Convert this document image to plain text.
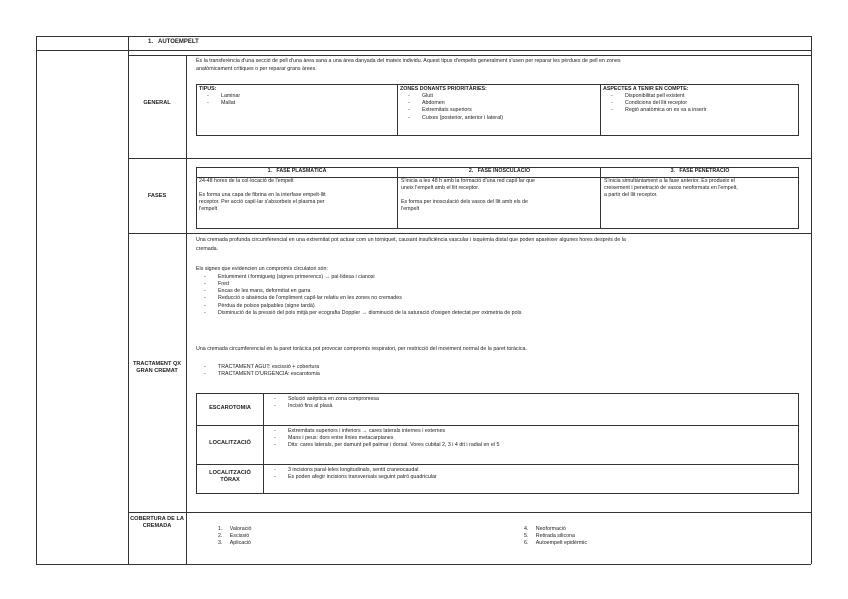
1.   AUTOEMPELT
GENERAL
És la transferència d'una secció de pell d'una àrea sana a una àrea danyada del mateix individu. Aquest tipus d'empelts generalment s'usen per reparar les pèrdues de pell en zones
anatòmicament crítiques o per reparar grans àrees.
TIPUS:
- Laminar
- Mallat
ZONES DONANTS PRIORITÀRIES:
- Gluti
- Abdomen
- Extremitats superiors
- Cuixes (posterior, anterior i lateral)
ASPECTES A TENIR EN COMPTE:
- Disponibilitat pell existent
- Condicions del llit receptor
- Regió anatòmica on es va a inserir
FASES
1.   FASE PLASMÀTICA	2.   FASE INOSCULACIÓ	3.   FASE PENETRACIÓ
24-48 hores de la col·locació de l'empelt
Es forma una capa de fibrina en la interfase empelt-llit
receptor. Per acció capil·lar s'absorbeix el plasma per
l'empelt
S'inicia a les 48 h amb la formació d'una red capil·lar que
uneix l'empelt amb el llit receptor.
Es forma per inosculació dels vasos del llit amb els de
l'empelt
S'inicia simultàniament a la fase anterior. Es produeix el
creixement i penetració de vasos neoformats en l'empelt,
a partir del llit receptor.
TRACTAMENT QX GRAN CREMAT
Una cremada profunda circumferencial en una extremitat pot actuar com un torniquet, causant insuficiència vascular i isquèmia distal que poden aparèixer algunes hores després de la
cremada.
Els signes que evidencien un compromís circulatori són:
- Entumiment i formigueig (signes primerencs) → pal·lidesa i cianosi
- Fred
- Encas de les mans, deformitat en garra
- Reducció o absència de l'ompliment capil·lar relatiu en les zones no cremades
- Pèrdua de polsos palpables (signe tardà)
- Disminució de la pressió del pols mitjà per ecografia Doppler → disminució de la saturació d'oxigen detectat per oximetria de pols
Una cremada circumferencial en la paret toràcica pot provocar compromís respiratori, per restricció del moviment normal de la paret toràcica.
- TRACTAMENT AGUT: escissió + cobertura
- TRACTAMENT D'URGÈNCIA: escarotomia
ESCAROTOMIA
- Solució asèptica en zona compromesa
- Incisió fins al plasà
LOCALITZACIÓ
- Extremitats superiors i inferiors → cares laterals internes i externes
- Mans i peus: dors entre línies metacarpianes
- Dits: cares laterals, per damunt pell palmar i dorsal. Vores cubital 2, 3 i 4 dit i radial en el 5
LOCALITZACIÓ
TÒRAX
- 3 incisions paral·leles longitudinals, sentit craneocaudal
- Es poden afegir incisions transversals seguint patró quadricular
COBERTURA DE LA CREMADA
1.     Valoració
2.     Escissió
3.     Aplicació
4.     Neoformació
5.     Retirada silicona
6.     Autoempelt epidèrmic
